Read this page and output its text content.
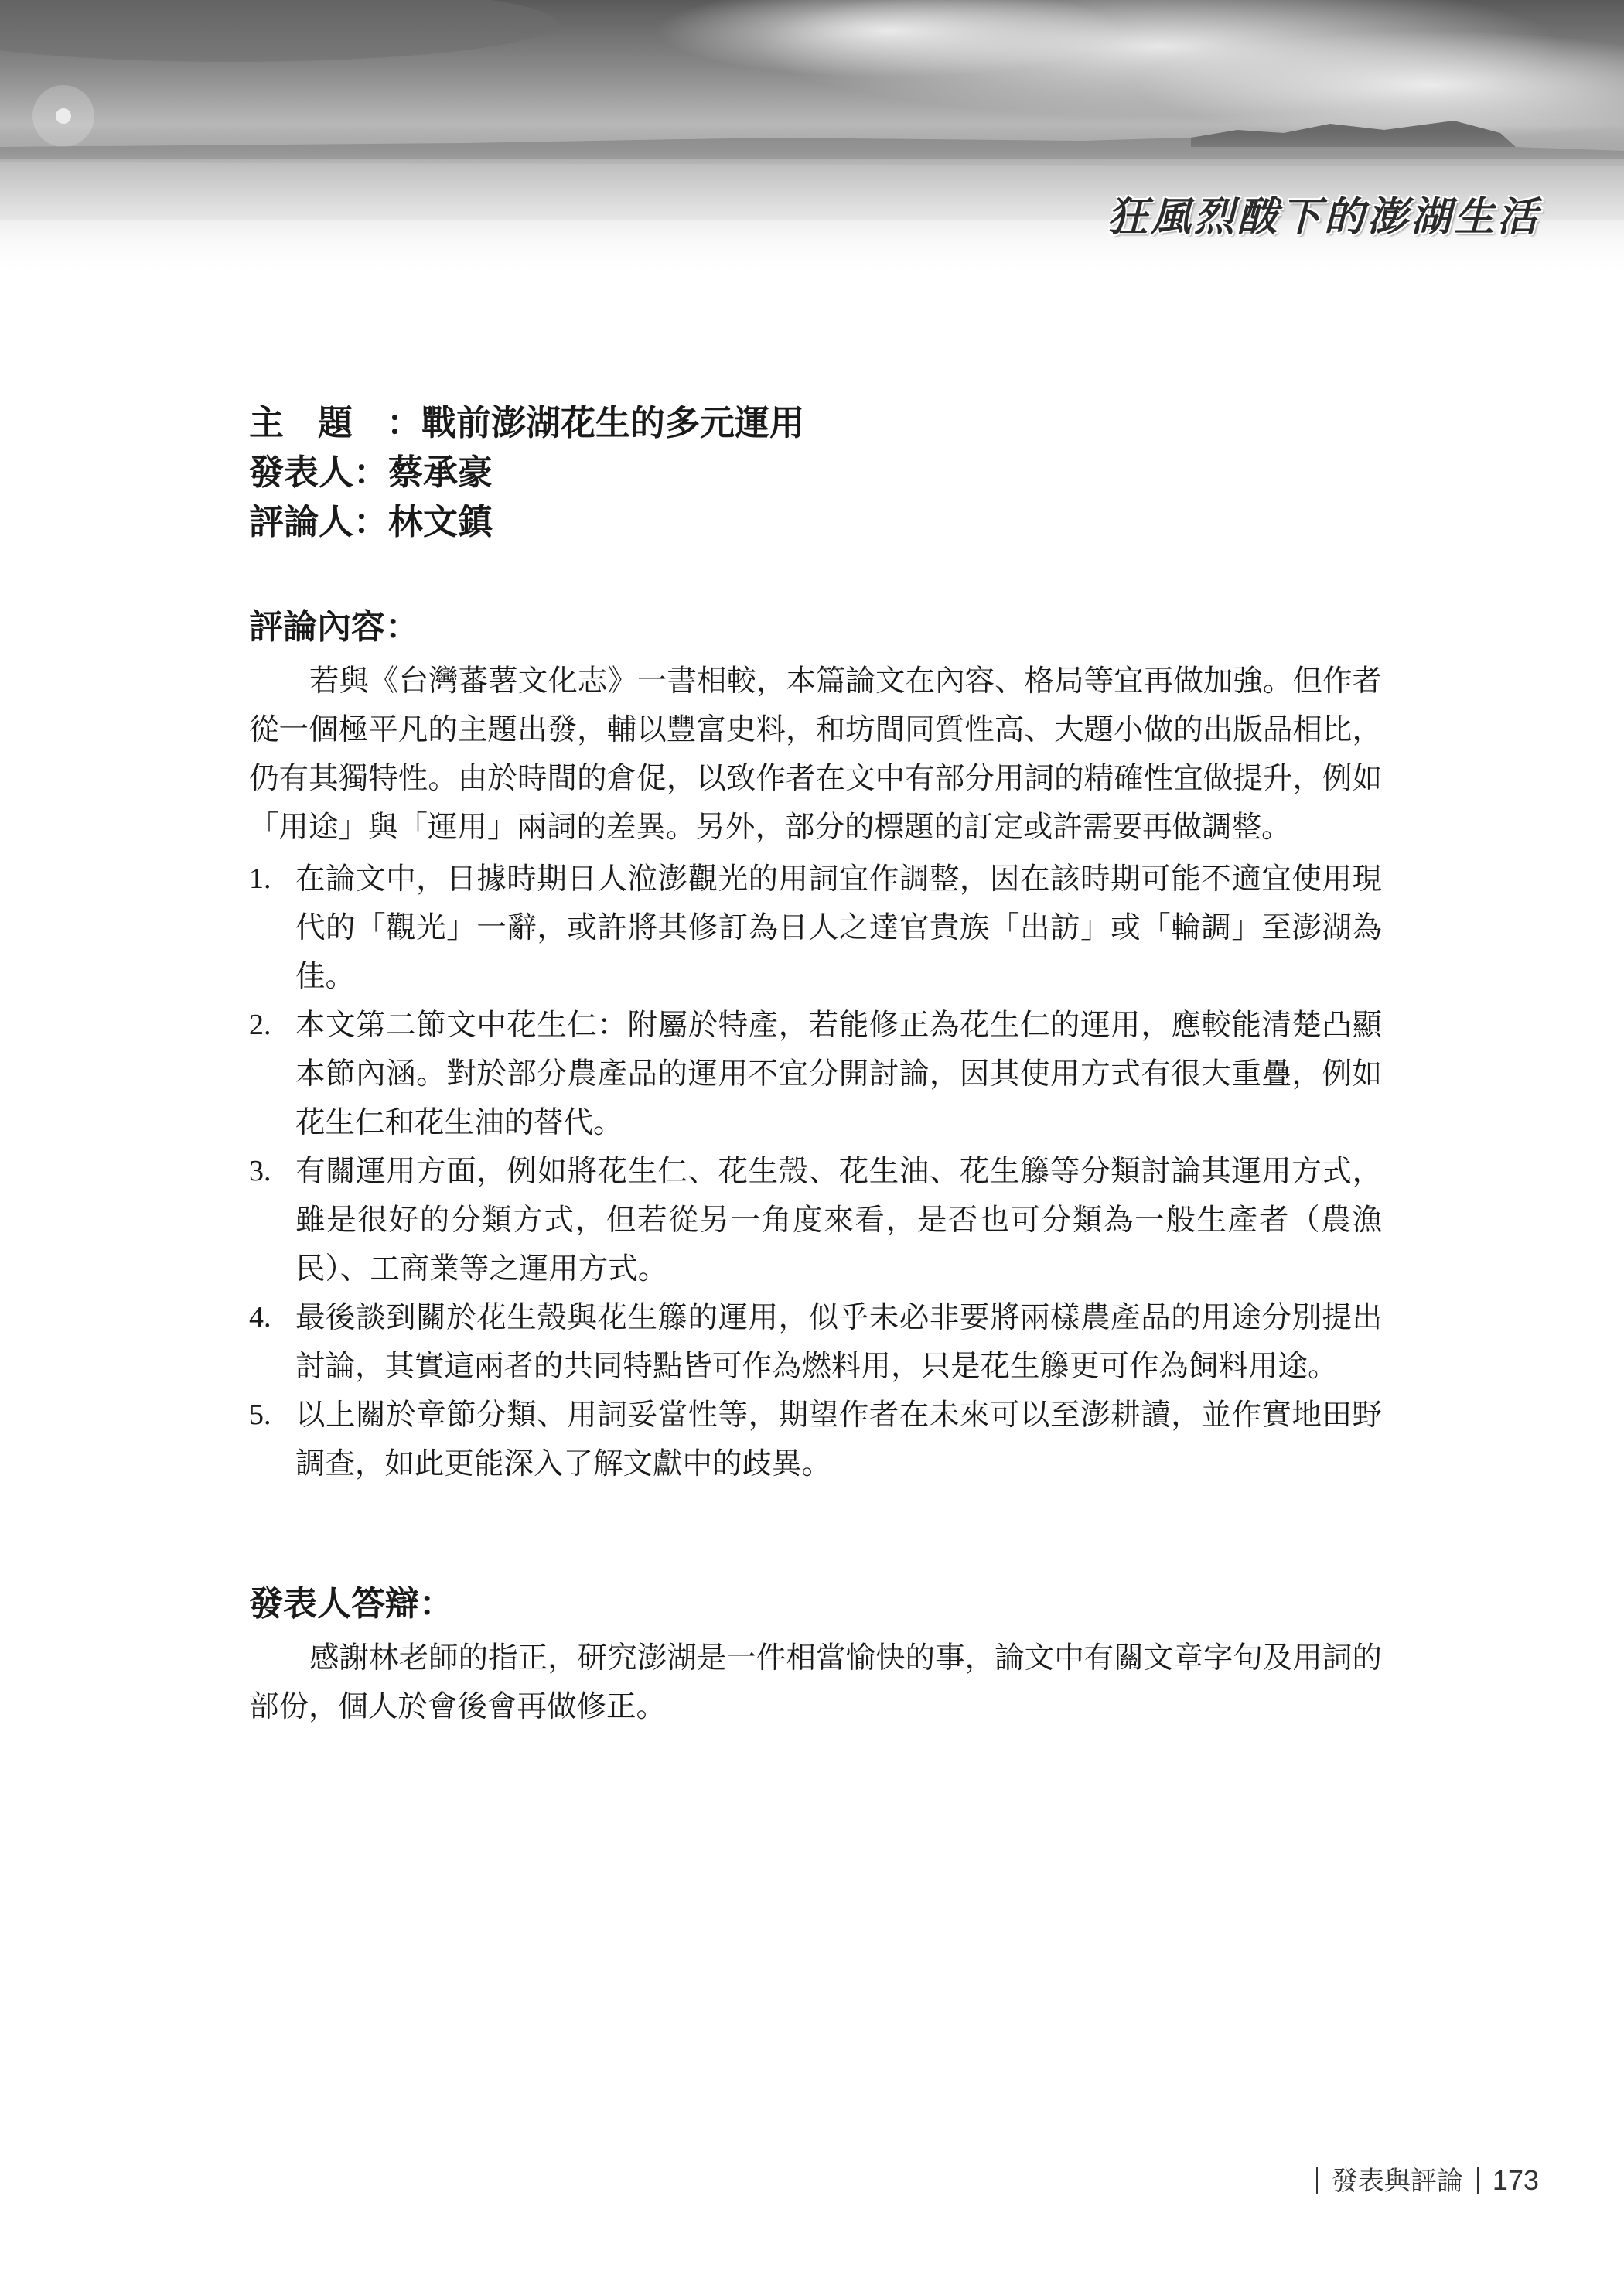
狂風烈酦下的澎湖生活
主題：戰前澎湖花生的多元運用
發表人：蔡承豪
評論人：林文鎮
評論內容：

若與《台灣蕃薯文化志》一書相較，本篇論文在內容、格局等宜再做加強。但作者從一個極平凡的主題出發，輔以豐富史料，和坊間同質性高、大題小做的出版品相比，仍有其獨特性。由於時間的倉促，以致作者在文中有部分用詞的精確性宜做提升，例如「用途」與「運用」兩詞的差異。另外，部分的標題的訂定或許需要再做調整。

1. 在論文中，日據時期日人涖澎觀光的用詞宜作調整，因在該時期可能不適宜使用現代的「觀光」一辭，或許將其修訂為日人之達官貴族「出訪」或「輪調」至澎湖為佳。
2. 本文第二節文中花生仁：附屬於特產，若能修正為花生仁的運用，應較能清楚凸顯本節內涵。對於部分農產品的運用不宜分開討論，因其使用方式有很大重疊，例如花生仁和花生油的替代。
3. 有關運用方面，例如將花生仁、花生殼、花生油、花生籐等分類討論其運用方式，雖是很好的分類方式，但若從另一角度來看，是否也可分類為一般生產者（農漁民）、工商業等之運用方式。
4. 最後談到關於花生殼與花生籐的運用，似乎未必非要將兩樣農產品的用途分別提出討論，其實這兩者的共同特點皆可作為燃料用，只是花生籐更可作為飼料用途。
5. 以上關於章節分類、用詞妥當性等，期望作者在未來可以至澎耕讀，並作實地田野調查，如此更能深入了解文獻中的歧異。
發表人答辯：

感謝林老師的指正，研究澎湖是一件相當愉快的事，論文中有關文章字句及用詞的部份，個人於會後會再做修正。

發表與評論 173
